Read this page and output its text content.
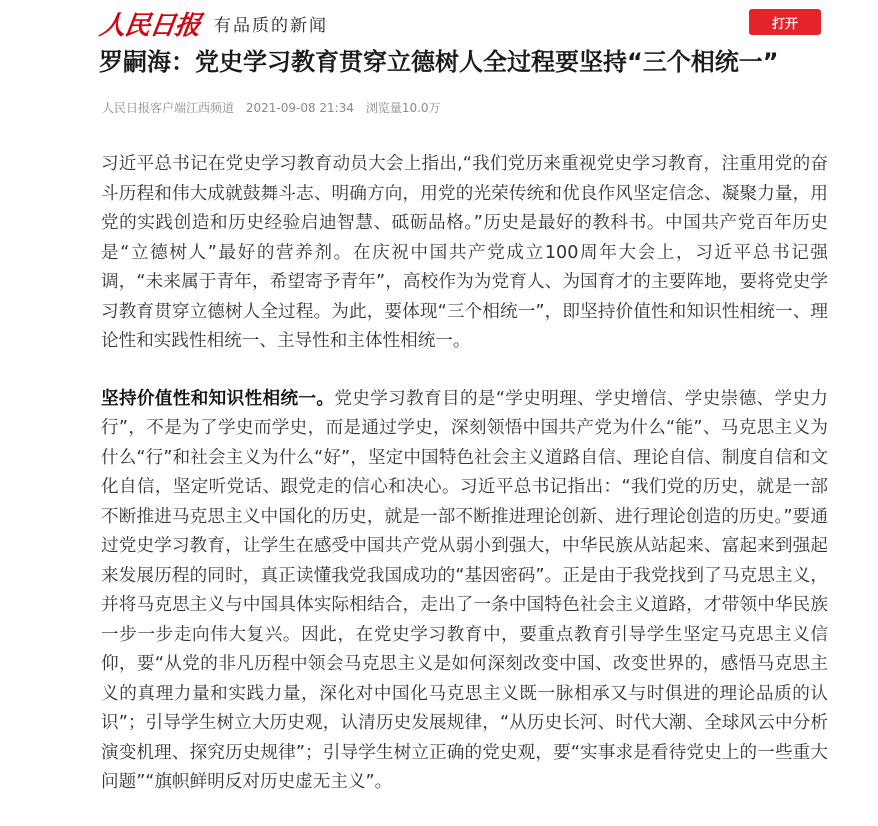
人民日报 有品质的新闻	打开
罗嗣海：党史学习教育贯穿立德树人全过程要坚持“三个相统一”
人民日报客户端江西频道 2021-09-08 21:34 浏览量10.0万

习近平总书记在党史学习教育动员大会上指出,“我们党历来重视党史学习教育，注重用党的奋斗历程和伟大成就鼓舞斗志、明确方向，用党的光荣传统和优良作风坚定信念、凝聚力量，用党的实践创造和历史经验启迪智慧、砥砺品格。”历史是最好的教科书。中国共产党百年历史是“立德树人”最好的营养剂。在庆祝中国共产党成立100周年大会上，习近平总书记强调，“未来属于青年，希望寄予青年”，高校作为为党育人、为国育才的主要阵地，要将党史学习教育贯穿立德树人全过程。为此，要体现“三个相统一”，即坚持价值性和知识性相统一、理论性和实践性相统一、主导性和主体性相统一。

坚持价值性和知识性相统一。党史学习教育目的是“学史明理、学史增信、学史崇德、学史力行”，不是为了学史而学史，而是通过学史，深刻领悟中国共产党为什么“能”、马克思主义为什么“行”和社会主义为什么“好”，坚定中国特色社会主义道路自信、理论自信、制度自信和文化自信，坚定听党话、跟党走的信心和决心。习近平总书记指出：“我们党的历史，就是一部不断推进马克思主义中国化的历史，就是一部不断推进理论创新、进行理论创造的历史。”要通过党史学习教育，让学生在感受中国共产党从弱小到强大，中华民族从站起来、富起来到强起来发展历程的同时，真正读懂我党我国成功的“基因密码”。正是由于我党找到了马克思主义，并将马克思主义与中国具体实际相结合，走出了一条中国特色社会主义道路，才带领中华民族一步一步走向伟大复兴。因此，在党史学习教育中，要重点教育引导学生坚定马克思主义信仰，要“从党的非凡历程中领会马克思主义是如何深刻改变中国、改变世界的，感悟马克思主义的真理力量和实践力量，深化对中国化马克思主义既一脉相承又与时俱进的理论品质的认识”；引导学生树立大历史观，认清历史发展规律，“从历史长河、时代大潮、全球风云中分析演变机理、探究历史规律”；引导学生树立正确的党史观，要“实事求是看待党史上的一些重大问题”“旗帜鲜明反对历史虚无主义”。
